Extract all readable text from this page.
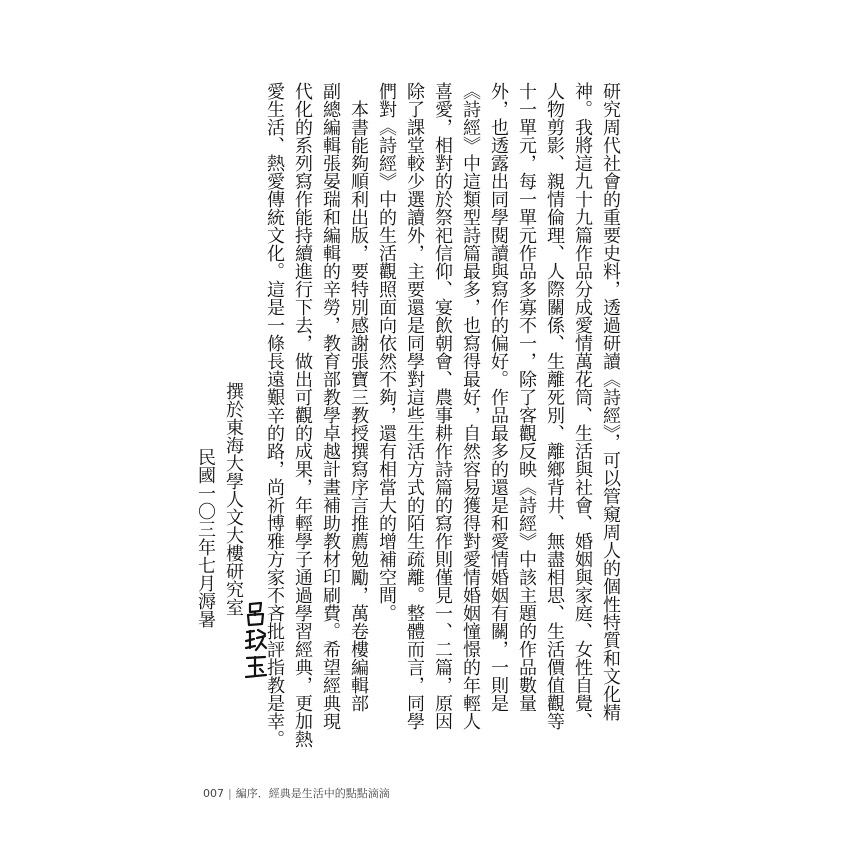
研究周代社會的重要史料，透過研讀《詩經》，可以管窺周人的個性特質和文化精
神。我將這九十九篇作品分成愛情萬花筒、生活與社會、婚姻與家庭、女性自覺、
人物剪影、親情倫理、人際關係、生離死別、離鄉背井、無盡相思、生活價值觀等
十一單元，每一單元作品多寡不一，除了客觀反映《詩經》中該主題的作品數量
外，也透露出同學閱讀與寫作的偏好。作品最多的還是和愛情婚姻有關，一則是
《詩經》中這類型詩篇最多，也寫得最好，自然容易獲得對愛情婚姻憧憬的年輕人
喜愛，相對的於祭祀信仰、宴飲朝會、農事耕作詩篇的寫作則僅見一、二篇，原因
除了課堂較少選讀外，主要還是同學對這些生活方式的陌生疏離。整體而言，同學
們對《詩經》中的生活觀照面向依然不夠，還有相當大的增補空間。
　本書能夠順利出版，要特別感謝張寶三教授撰寫序言推薦勉勵，萬卷樓編輯部
副總編輯張晏瑞和編輯的辛勞，教育部教學卓越計畫補助教材印刷費。希望經典現
代化的系列寫作能持續進行下去，做出可觀的成果，年輕學子通過學習經典，更加熱
愛生活、熱愛傳統文化。這是一條長遠艱辛的路，尚祈博雅方家不吝批評指教是幸。
撰於東海大學人文大樓研究室
民國一〇三年七月溽暑
007 | 編序．經典是生活中的點點滴滴
